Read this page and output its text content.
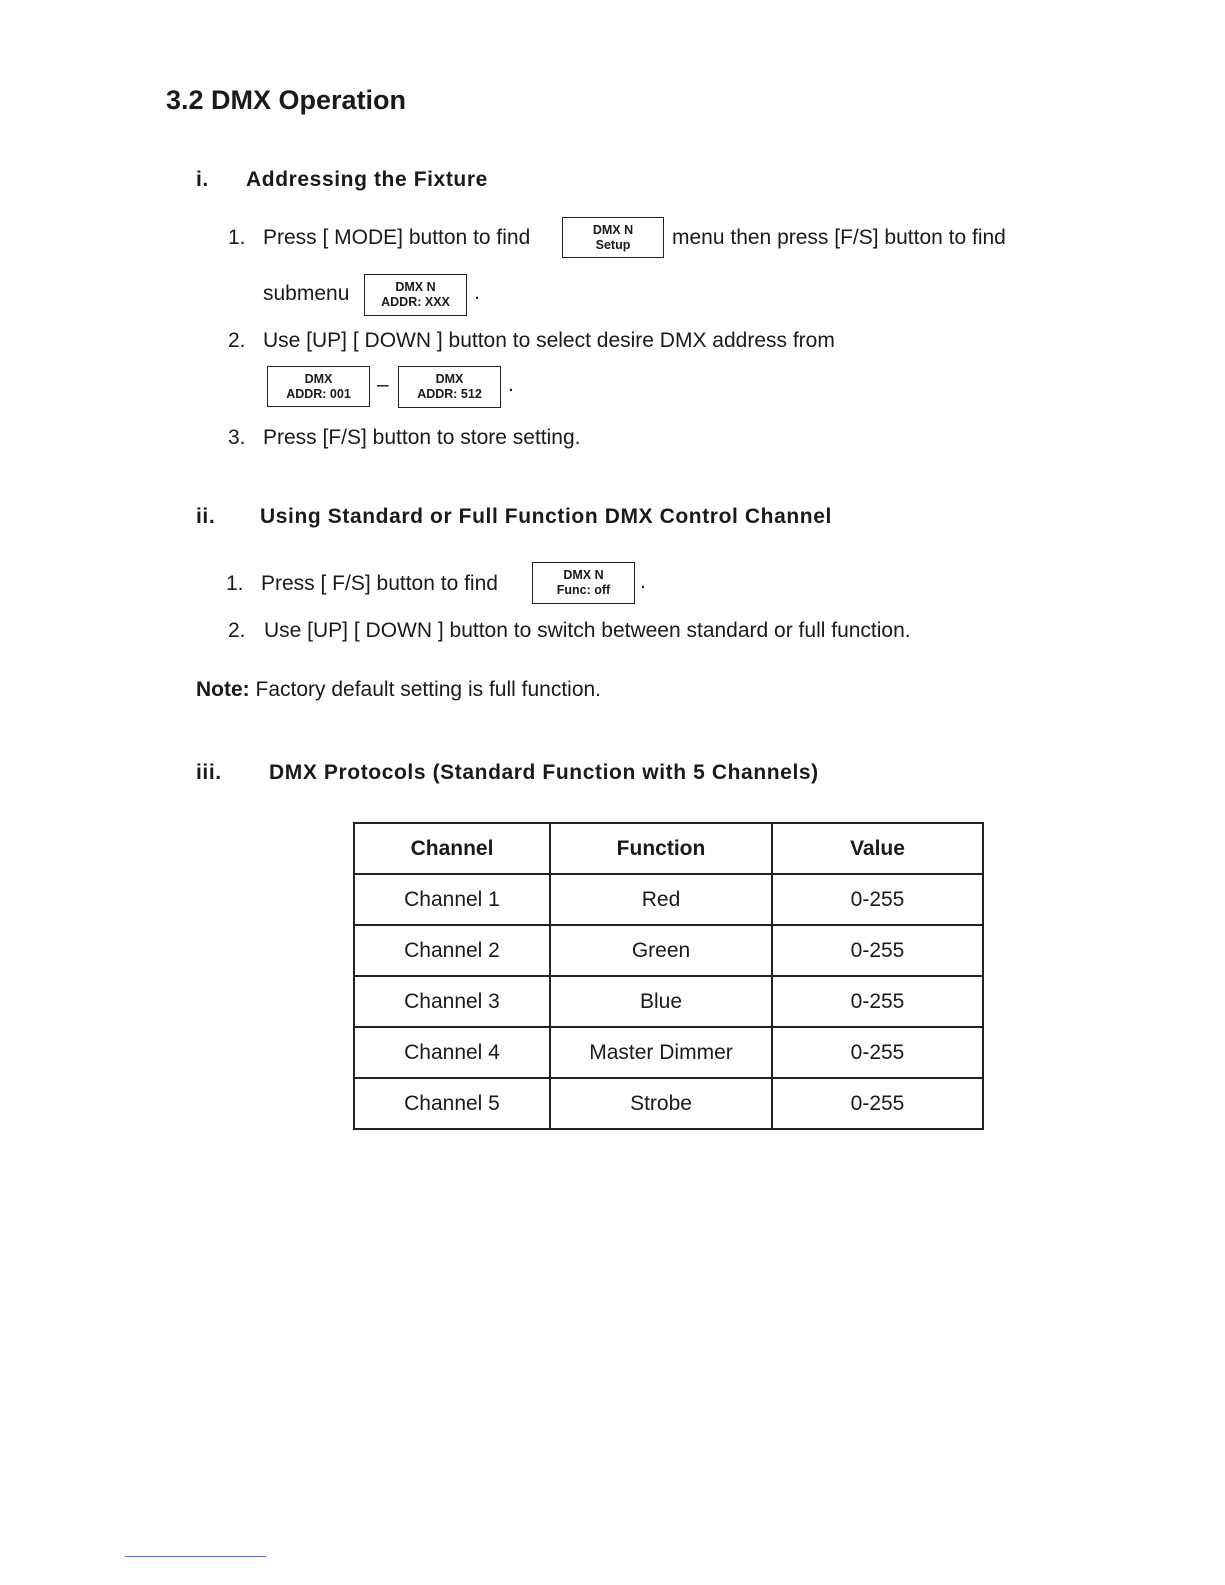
3.2 DMX Operation
i. Addressing the Fixture
1. Press [ MODE] button to find	DMX N
Setup menu then press [F/S] button to find
submenu	DMX N
ADDR: XXX .
2. Use [UP] [ DOWN ] button to select desire DMX address from
DMX
ADDR: 001 –	DMX
ADDR: 512 .
3. Press [F/S] button to store setting.
ii. Using Standard or Full Function DMX Control Channel
1. Press [ F/S] button to find	DMX N
Func: off .
2. Use [UP] [ DOWN ] button to switch between standard or full function.
Note: Factory default setting is full function.
iii. DMX Protocols (Standard Function with 5 Channels)
Channel	Function	Value
Channel 1	Red	0-255
Channel 2	Green	0-255
Channel 3	Blue	0-255
Channel 4	Master Dimmer	0-255
Channel 5	Strobe	0-255
